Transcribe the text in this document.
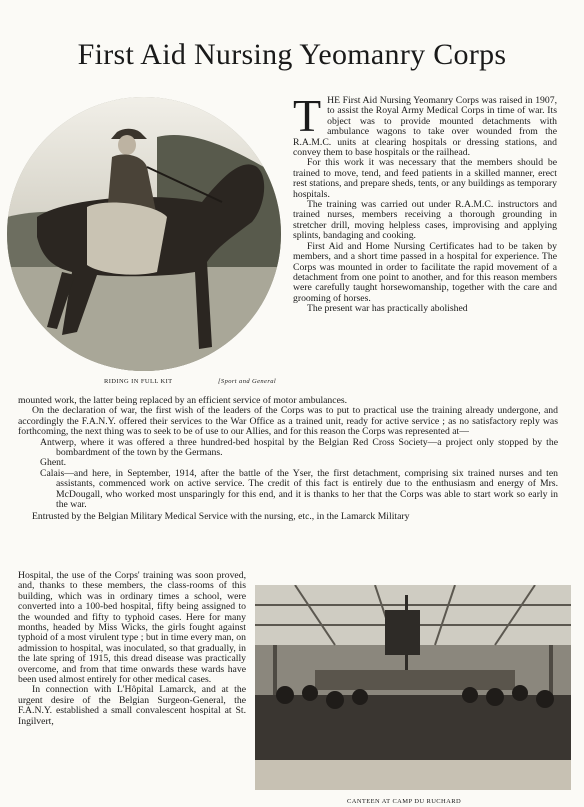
First Aid Nursing Yeomanry Corps
RIDING IN FULL KIT	[Sport and General

THE First Aid Nursing Yeomanry Corps was raised in 1907, to assist the Royal Army Medical Corps in time of war. Its object was to provide mounted detachments with ambulance wagons to take over wounded from the R.A.M.C. units at clearing hospitals or dressing stations, and convey them to base hospitals or the railhead.

For this work it was necessary that the members should be trained to move, tend, and feed patients in a skilled manner, erect rest stations, and prepare sheds, tents, or any buildings as temporary hospitals.

The training was carried out under R.A.M.C. instructors and trained nurses, members receiving a thorough grounding in stretcher drill, moving helpless cases, improvising and applying splints, bandaging and cooking.

First Aid and Home Nursing Certificates had to be taken by members, and a short time passed in a hospital for experience. The Corps was mounted in order to facilitate the rapid movement of a detachment from one point to another, and for this reason members were carefully taught horsewomanship, together with the care and grooming of horses.

The present war has practically abolished

mounted work, the latter being replaced by an efficient service of motor ambulances.

On the declaration of war, the first wish of the leaders of the Corps was to put to practical use the training already undergone, and accordingly the F.A.N.Y. offered their services to the War Office as a trained unit, ready for active service ; as no satisfactory reply was forthcoming, the next thing was to seek to be of use to our Allies, and for this reason the Corps was represented at—

Antwerp, where it was offered a three hundred-bed hospital by the Belgian Red Cross Society—a project only stopped by the bombardment of the town by the Germans.

Ghent.

Calais—and here, in September, 1914, after the battle of the Yser, the first detachment, comprising six trained nurses and ten assistants, commenced work on active service. The credit of this fact is entirely due to the enthusiasm and energy of Mrs. McDougall, who worked most unsparingly for this end, and it is thanks to her that the Corps was able to start work so early in the war.

Entrusted by the Belgian Military Medical Service with the nursing, etc., in the Lamarck Military

Hospital, the use of the Corps' training was soon proved, and, thanks to these members, the class-rooms of this building, which was in ordinary times a school, were converted into a 100-bed hospital, fifty being assigned to the wounded and fifty to typhoid cases. Here for many months, headed by Miss Wicks, the girls fought against typhoid of a most virulent type ; but in time every man, on admission to hospital, was inoculated, so that gradually, in the late spring of 1915, this dread disease was practically overcome, and from that time onwards these wards have been used almost entirely for other medical cases.

In connection with L'Hôpital Lamarck, and at the urgent desire of the Belgian Surgeon-General, the F.A.N.Y. established a small convalescent hospital at St. Ingilvert,

CANTEEN AT CAMP DU RUCHARD
